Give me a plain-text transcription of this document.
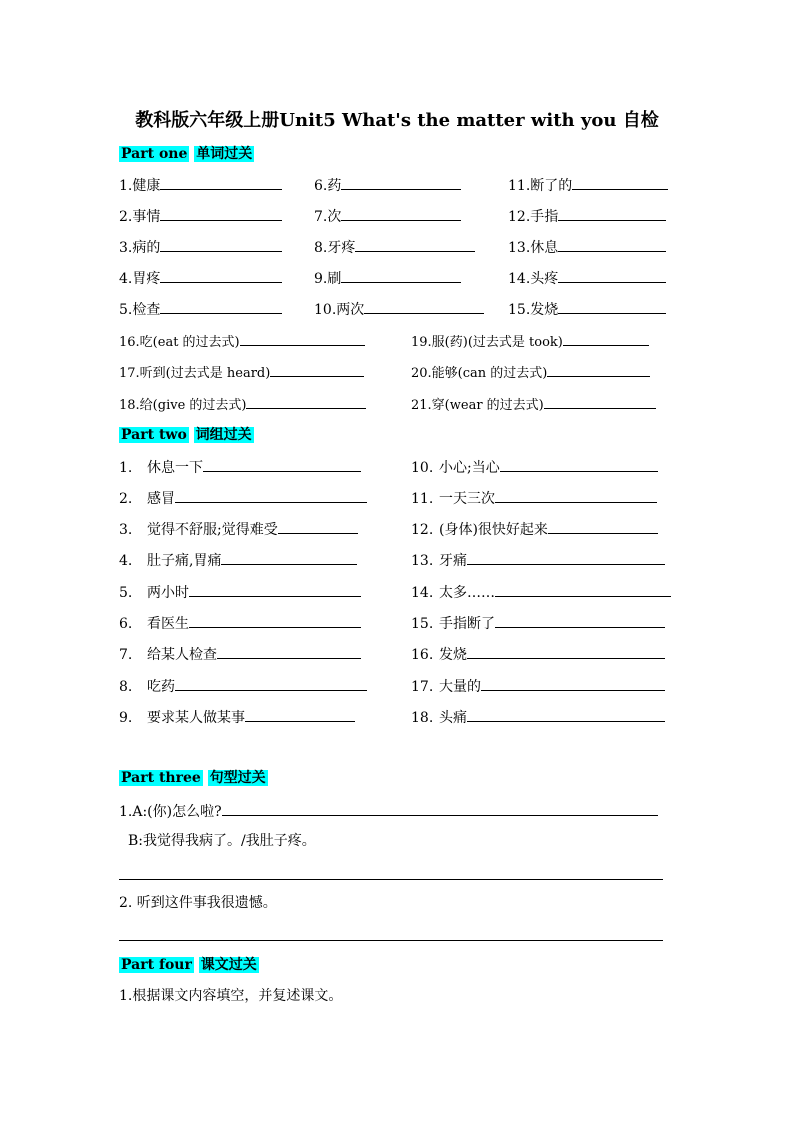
教科版六年级上册Unit5 What's the matter with you 自检
Part one 单词过关
1.健康
2.事情
3.病的
4.胃疼
5.检查
6.药
7.次
8.牙疼
9.刷
10.两次
11.断了的
12.手指
13.休息
14.头疼
15.发烧
16.吃(eat 的过去式)
17.听到(过去式是 heard)
18.给(give 的过去式)
19.服(药)(过去式是 took)
20.能够(can 的过去式)
21.穿(wear 的过去式)
Part two 词组过关
1. 休息一下
2. 感冒
3. 觉得不舒服;觉得难受
4. 肚子痛,胃痛
5. 两小时
6. 看医生
7. 给某人检查
8. 吃药
9. 要求某人做某事
10. 小心;当心
11. 一天三次
12. (身体)很快好起来
13. 牙痛
14. 太多……
15. 手指断了
16. 发烧
17. 大量的
18. 头痛
Part three 句型过关
1.A:(你)怎么啦?
B:我觉得我病了。/我肚子疼。
2. 听到这件事我很遗憾。
Part four 课文过关
1.根据课文内容填空，并复述课文。
